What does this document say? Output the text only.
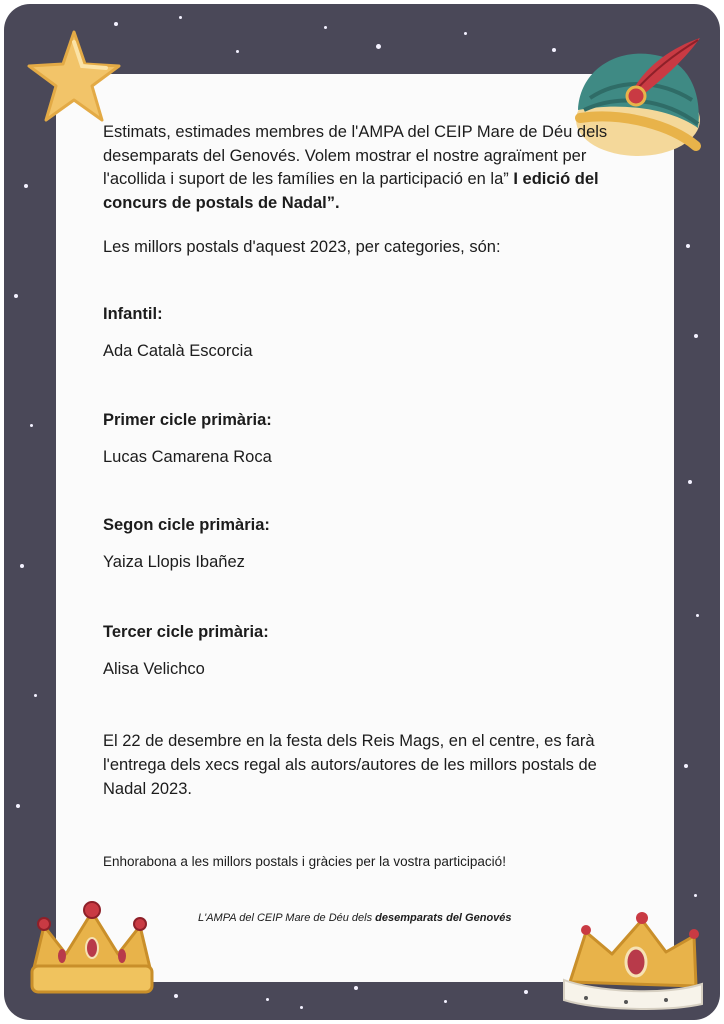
Estimats, estimades membres de l'AMPA del CEIP Mare de Déu dels desemparats del Genovés. Volem mostrar el nostre agraïment per l'acollida i suport de les famílies en la participació en la” I edició del concurs de postals de Nadal”.
Les millors postals d'aquest 2023, per categories, són:
Infantil:
Ada Català Escorcia
Primer cicle primària:
Lucas Camarena Roca
Segon cicle primària:
Yaiza Llopis Ibañez
Tercer cicle primària:
Alisa Velichco
El 22 de desembre en la festa dels Reis Mags, en el centre, es farà l'entrega dels xecs regal als autors/autores de les millors postals de Nadal 2023.
Enhorabona a les millors postals i gràcies per la vostra participació!
L'AMPA del CEIP Mare de Déu dels desemparats del Genovés
